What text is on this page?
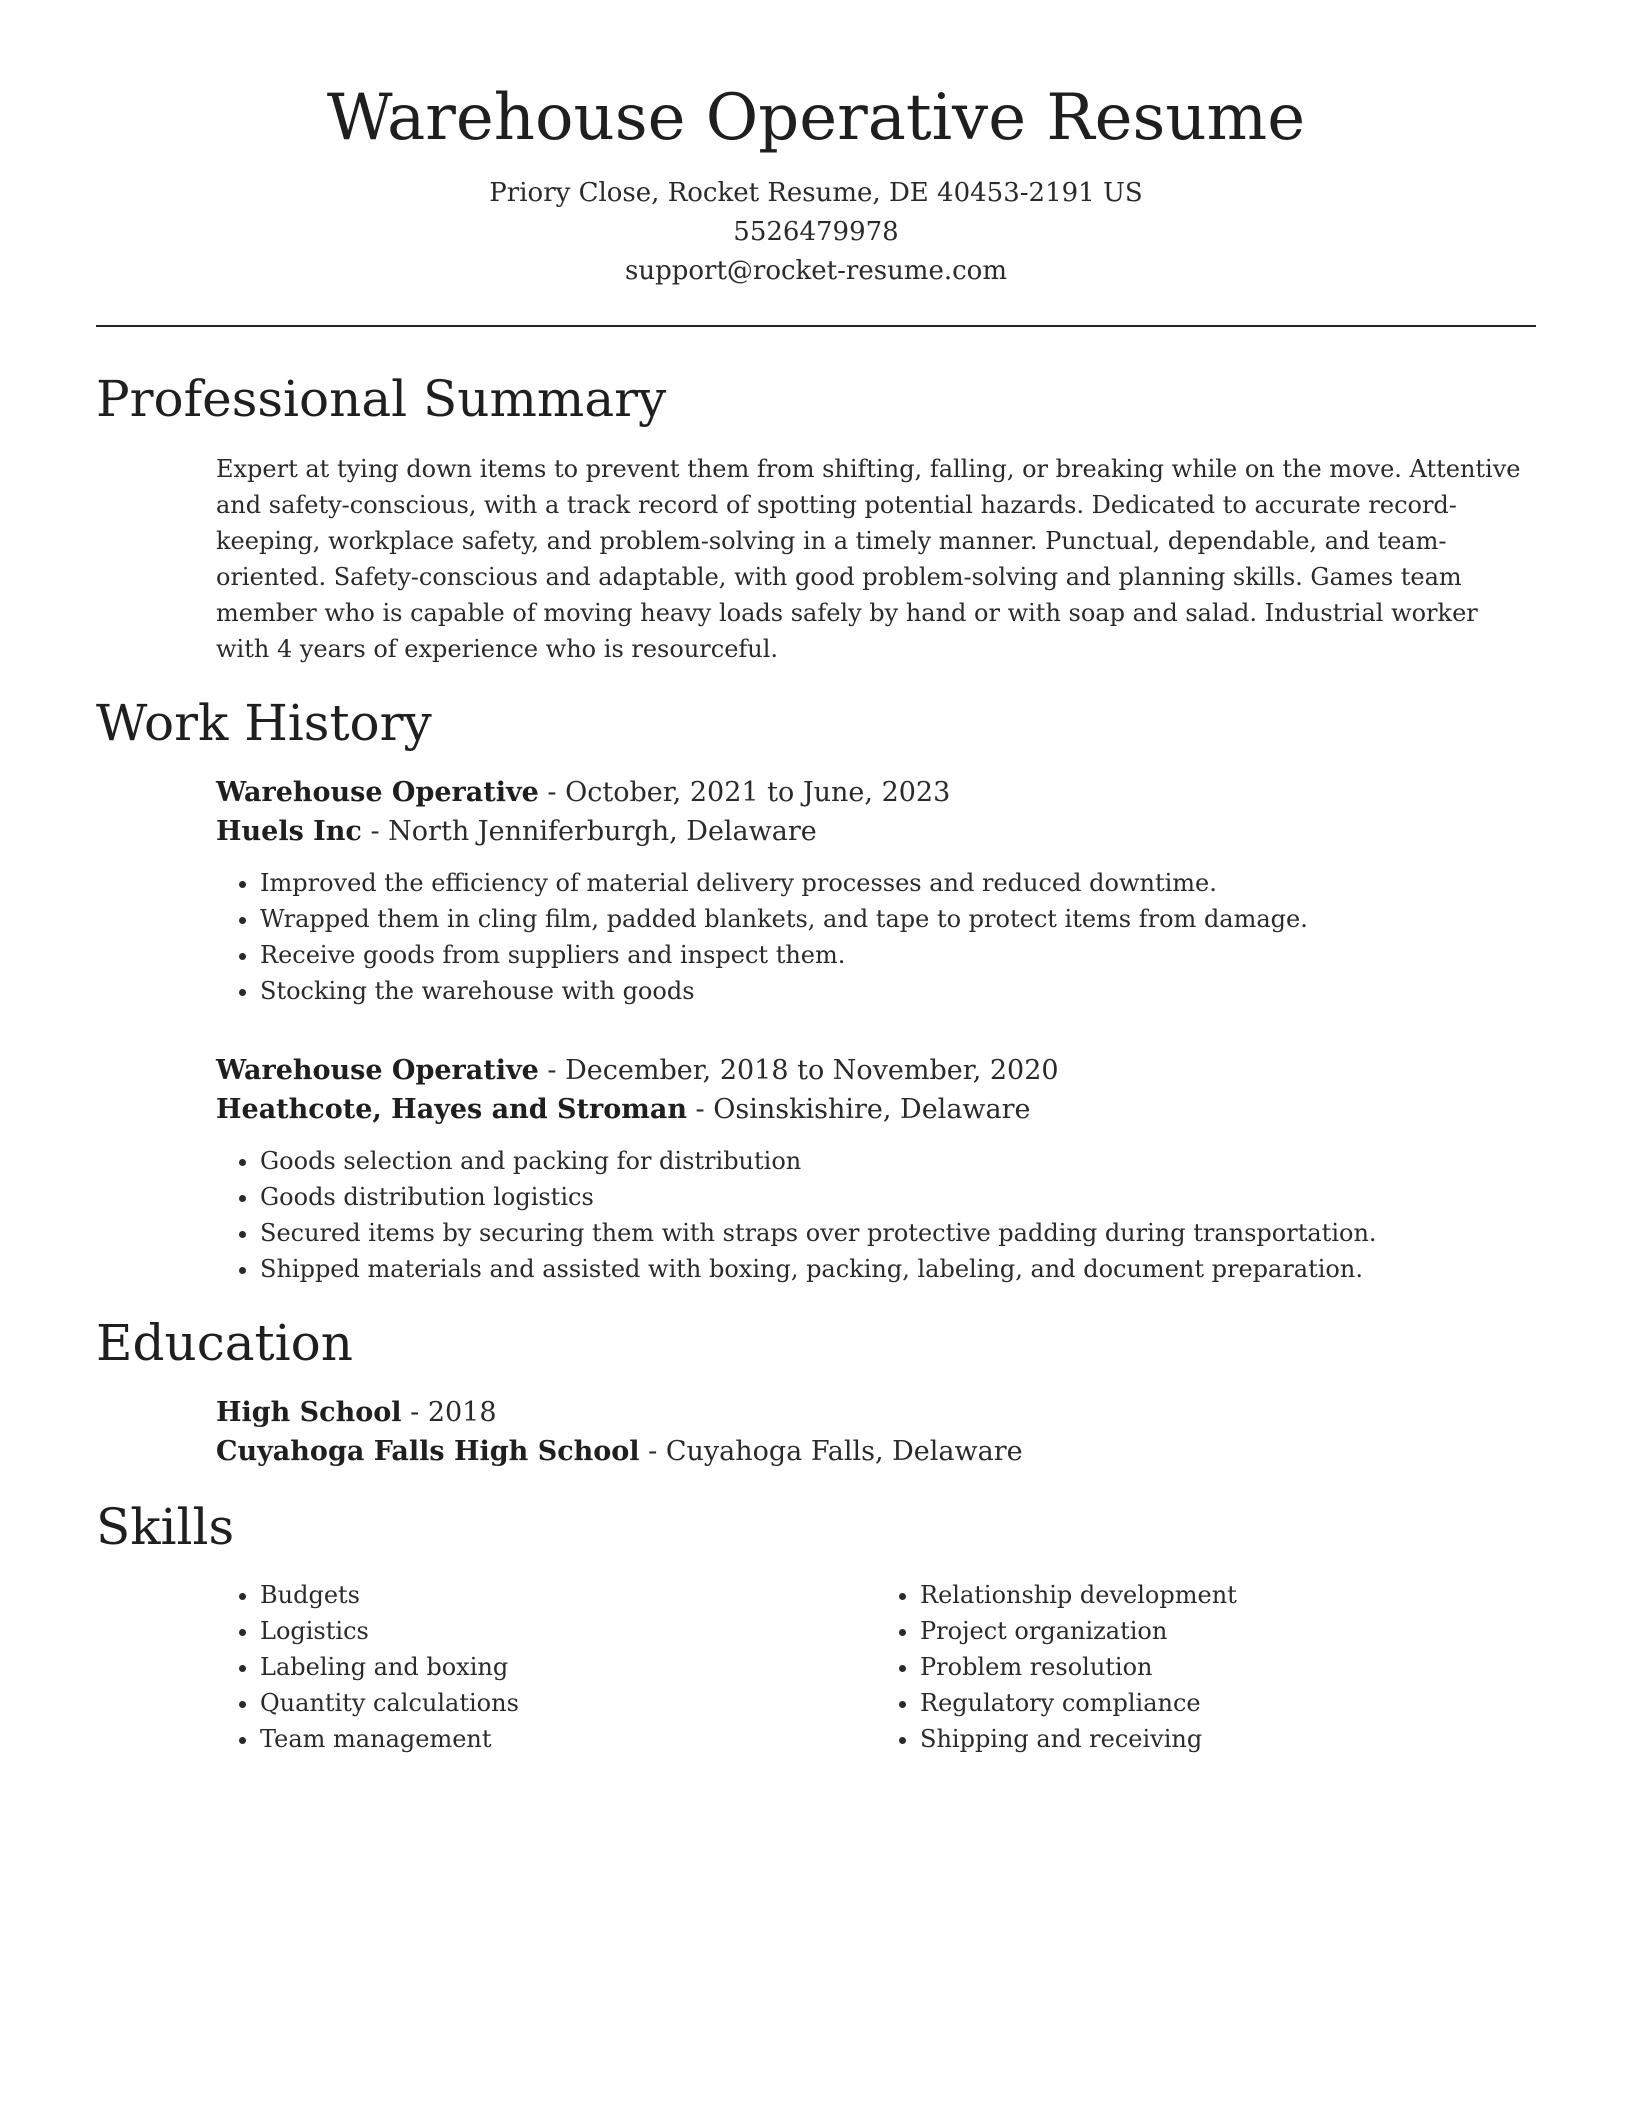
Warehouse Operative Resume
Priory Close, Rocket Resume, DE 40453-2191 US
5526479978
support@rocket-resume.com
Professional Summary
Expert at tying down items to prevent them from shifting, falling, or breaking while on the move. Attentive and safety-conscious, with a track record of spotting potential hazards. Dedicated to accurate record-keeping, workplace safety, and problem-solving in a timely manner. Punctual, dependable, and team-oriented. Safety-conscious and adaptable, with good problem-solving and planning skills. Games team member who is capable of moving heavy loads safely by hand or with soap and salad. Industrial worker with 4 years of experience who is resourceful.
Work History
Warehouse Operative - October, 2021 to June, 2023
Huels Inc - North Jenniferburgh, Delaware
• Improved the efficiency of material delivery processes and reduced downtime.
• Wrapped them in cling film, padded blankets, and tape to protect items from damage.
• Receive goods from suppliers and inspect them.
• Stocking the warehouse with goods
Warehouse Operative - December, 2018 to November, 2020
Heathcote, Hayes and Stroman - Osinskishire, Delaware
• Goods selection and packing for distribution
• Goods distribution logistics
• Secured items by securing them with straps over protective padding during transportation.
• Shipped materials and assisted with boxing, packing, labeling, and document preparation.
Education
High School - 2018
Cuyahoga Falls High School - Cuyahoga Falls, Delaware
Skills
• Budgets
• Logistics
• Labeling and boxing
• Quantity calculations
• Team management
• Relationship development
• Project organization
• Problem resolution
• Regulatory compliance
• Shipping and receiving
